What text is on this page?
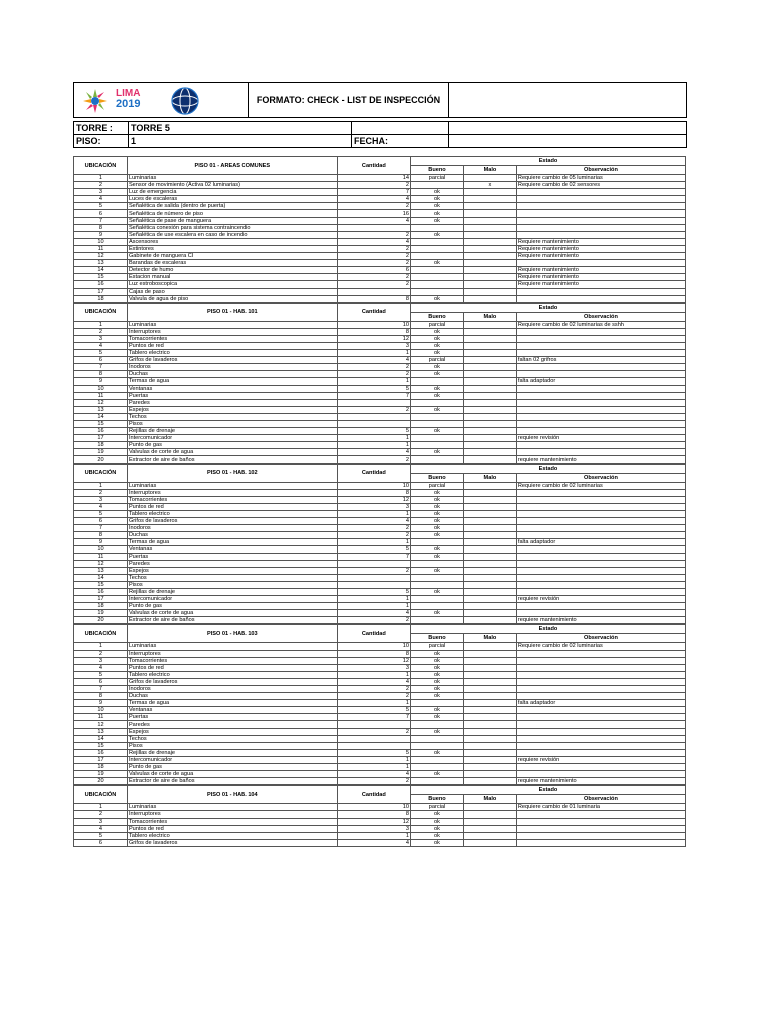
LIMA
2019	FORMATO: CHECK - LIST DE INSPECCIÓN	
TORRE :	TORRE 5		
PISO:	1	FECHA:	
UBICACIÓN	PISO 01 - AREAS COMUNES	Cantidad	Estado		
			Bueno	Malo	Observación
1	Luminarias	14	parcial		Requiere cambio de 05 luminarias
2	Sensor de movimiento (Activa 02 luminarias)	2		x	Requiere cambio de 02 sensores
3	Luz de emergencia	7	ok		
4	Luces de escaleras	4	ok		
5	Señalética de salida (dentro de puerta)	2	ok		
6	Señalética de número de piso	16	ok		
7	Señalética de pase de manguera	4	ok		
8	Señalética conexión para sistema contraincendio				
9	Señalética de use escalera en caso de incendio	2	ok		
10	Ascensores	4			Requiere mantenimiento
11	Extintores	2			Requiere mantenimiento
12	Gabinete de manguera CI	2			Requiere mantenimiento
13	Barandas de escaleras	2	ok		
14	Detector de humo	6			Requiere mantenimiento
15	Estacion manual	2			Requiere mantenimiento
16	Luz estroboscopica	2			Requiere mantenimiento
17	Cajas de paso				
18	Valvula de agua de piso	8	ok		
UBICACIÓN	PISO 01 - HAB. 101	Cantidad	Estado		
			Bueno	Malo	Observación
1	Luminarias	10	parcial		Requiere cambio de 02 luminarias de sshh
2	Interruptores	8	ok		
3	Tomacorrientes	12	ok		
4	Puntos de red	3	ok		
5	Tablero electrico	1	ok		
6	Grifos de lavaderos	4	parcial		faltan 02 grifros
7	Inodoros	2	ok		
8	Duchas	2	ok		
9	Termas de agua	1			falta adaptador
10	Ventanas	5	ok		
11	Puertas	7	ok		
12	Paredes				
13	Espejos	2	ok		
14	Techos				
15	Pisos				
16	Rejillas de drenaje	5	ok		
17	Intercomunicador	1			requiere revisión
18	Punto de gas	1			
19	Valvulas de corte de agua	4	ok		
20	Extractor de aire de baños	2			requiere mantenimiento
UBICACIÓN	PISO 01 - HAB. 102	Cantidad	Estado		
			Bueno	Malo	Observación
1	Luminarias	10	parcial		Requiere cambio de 02 luminarias
2	Interruptores	8	ok		
3	Tomacorrientes	12	ok		
4	Puntos de red	3	ok		
5	Tablero electrico	1	ok		
6	Grifos de lavaderos	4	ok		
7	Inodoros	2	ok		
8	Duchas	2	ok		
9	Termas de agua	1			falta adaptador
10	Ventanas	5	ok		
11	Puertas	7	ok		
12	Paredes				
13	Espejos	2	ok		
14	Techos				
15	Pisos				
16	Rejillas de drenaje	5	ok		
17	Intercomunicador	1			requiere revisión
18	Punto de gas	1			
19	Valvulas de corte de agua	4	ok		
20	Extractor de aire de baños	2			requiere mantenimiento
UBICACIÓN	PISO 01 - HAB. 103	Cantidad	Estado		
			Bueno	Malo	Observación
1	Luminarias	10	parcial		Requiere cambio de 02 luminarias
2	Interruptores	8	ok		
3	Tomacorrientes	12	ok		
4	Puntos de red	3	ok		
5	Tablero electrico	1	ok		
6	Grifos de lavaderos	4	ok		
7	Inodoros	2	ok		
8	Duchas	2	ok		
9	Termas de agua	1			falta adaptador
10	Ventanas	5	ok		
11	Puertas	7	ok		
12	Paredes				
13	Espejos	2	ok		
14	Techos				
15	Pisos				
16	Rejillas de drenaje	5	ok		
17	Intercomunicador	1			requiere revisión
18	Punto de gas	1			
19	Valvulas de corte de agua	4	ok		
20	Extractor de aire de baños	2			requiere mantenimiento
UBICACIÓN	PISO 01 - HAB. 104	Cantidad	Estado		
			Bueno	Malo	Observación
1	Luminarias	10	parcial		Requiere cambio de 01 luminaria
2	Interruptores	8	ok		
3	Tomacorrientes	12	ok		
4	Puntos de red	3	ok		
5	Tablero electrico	1	ok		
6	Grifos de lavaderos	4	ok		
